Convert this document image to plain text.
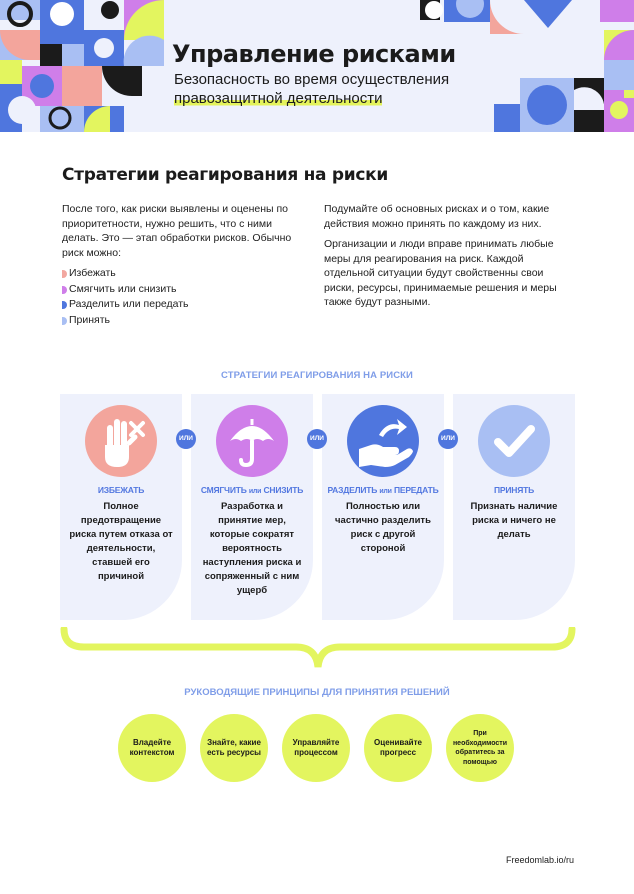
Управление рисками
Безопасность во время осуществления
правозащитной деятельности
Стратегии реагирования на риски

После того, как риски выявлены и оценены по приоритетности, нужно решить, что с ними делать. Это — этап обработки рисков. Обычно риск можно:

Избежать
Смягчить или снизить
Разделить или передать
Принять

Подумайте об основных рисках и о том, какие действия можно принять по каждому из них.

Организации и люди вправе принимать любые меры для реагирования на риск. Каждой отдельной ситуации будут свойственны свои риски, ресурсы, принимаемые решения и меры также будут разными.

СТРАТЕГИИ РЕАГИРОВАНИЯ НА РИСКИ
ИЗБЕЖАТЬ
Полное предотвращение риска путем отказа от деятельности, ставшей его причиной
СМЯГЧИТЬ или СНИЗИТЬ
Разработка и принятие мер, которые сократят вероятность наступления риска и сопряженный с ним ущерб
РАЗДЕЛИТЬ или ПЕРЕДАТЬ
Полностью или частично разделить риск с другой стороной
ПРИНЯТЬ
Признать наличие риска и ничего не делать
ИЛИ	ИЛИ	ИЛИ
РУКОВОДЯЩИЕ ПРИНЦИПЫ ДЛЯ ПРИНЯТИЯ РЕШЕНИЙ
Владейте контекстом
Знайте, какие есть ресурсы
Управляйте процессом
Оценивайте прогресс
При необходимости обратитесь за помощью
Freedomlab.io/ru
